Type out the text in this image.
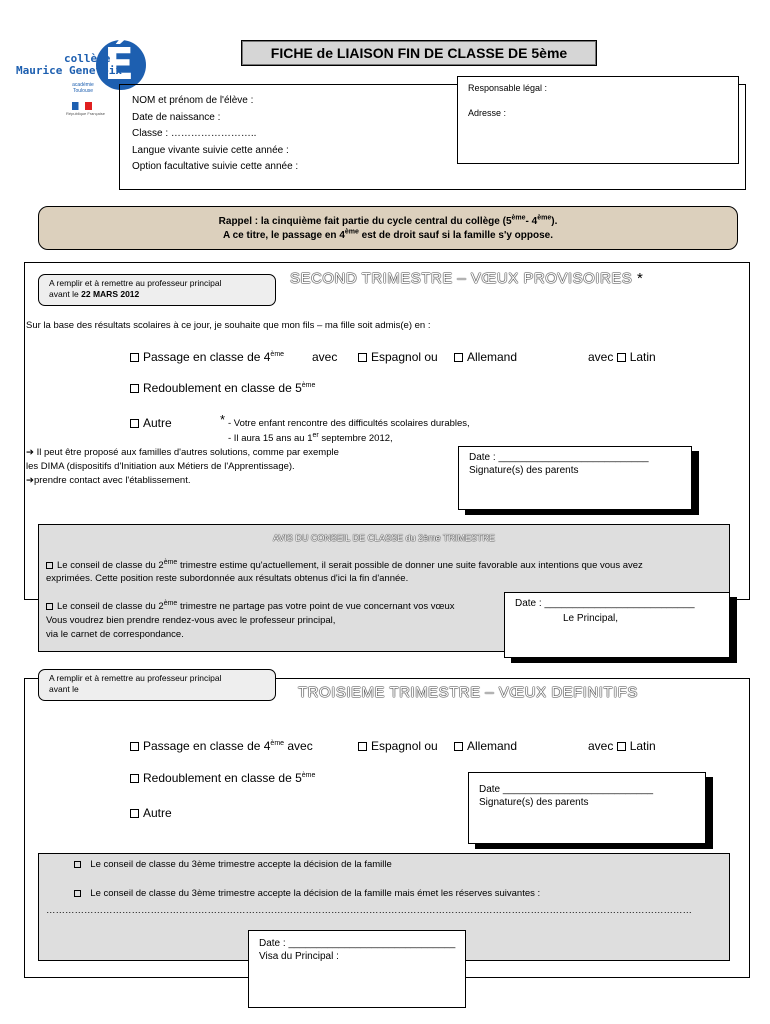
É
collège
Maurice Genevoix
académie Toulouse
République Française
FICHE de LIAISON FIN DE CLASSE DE 5ème
NOM et prénom de l'élève :
Date de naissance :
Classe : ……………………..
Langue vivante suivie cette année :
Option facultative suivie cette année :
Responsable légal :
Adresse :
Rappel : la cinquième fait partie du cycle central du collège (5ème- 4ème).
A ce titre, le passage en 4ème est de droit sauf si la famille s'y oppose.
A remplir et à remettre au professeur principal
avant le 22 MARS 2012
SECOND TRIMESTRE – VŒUX PROVISOIRES *
Sur la base des résultats scolaires à ce jour, je souhaite que mon fils – ma fille soit admis(e) en :
Passage en classe de 4ème avec	Espagnol ou	Allemand	avec Latin
Redoublement en classe de 5ème
Autre	* - Votre enfant rencontre des difficultés scolaires durables,
- Il aura 15 ans au 1er septembre 2012,
➔ Il peut être proposé aux familles d'autres solutions, comme par exemple
les DIMA (dispositifs d'Initiation aux Métiers de l'Apprentissage).
➔prendre contact avec l'établissement.
Date : ___________________________
Signature(s) des parents
AVIS DU CONSEIL DE CLASSE du 2ème TRIMESTRE
Le conseil de classe du 2ème trimestre estime qu'actuellement, il serait possible de donner une suite favorable aux intentions que vous avez
exprimées. Cette position reste subordonnée aux résultats obtenus d'ici la fin d'année.
Le conseil de classe du 2ème trimestre ne partage pas votre point de vue concernant vos vœux
Vous voudrez bien prendre rendez-vous avec le professeur principal,
via le carnet de correspondance.
Date : ___________________________
Le Principal,
A remplir et à remettre au professeur principal
avant le	TROISIEME TRIMESTRE – VŒUX DEFINITIFS
Passage en classe de 4ème avec	Espagnol ou	Allemand	avec Latin
Redoublement en classe de 5ème
Autre
Date ___________________________
Signature(s) des parents
Le conseil de classe du 3ème trimestre accepte la décision de la famille
Le conseil de classe du 3ème trimestre accepte la décision de la famille mais émet les réserves suivantes :
……………………………………………………………………………………………………………………………………………………………………………………
Date : ______________________________
Visa du Principal :
